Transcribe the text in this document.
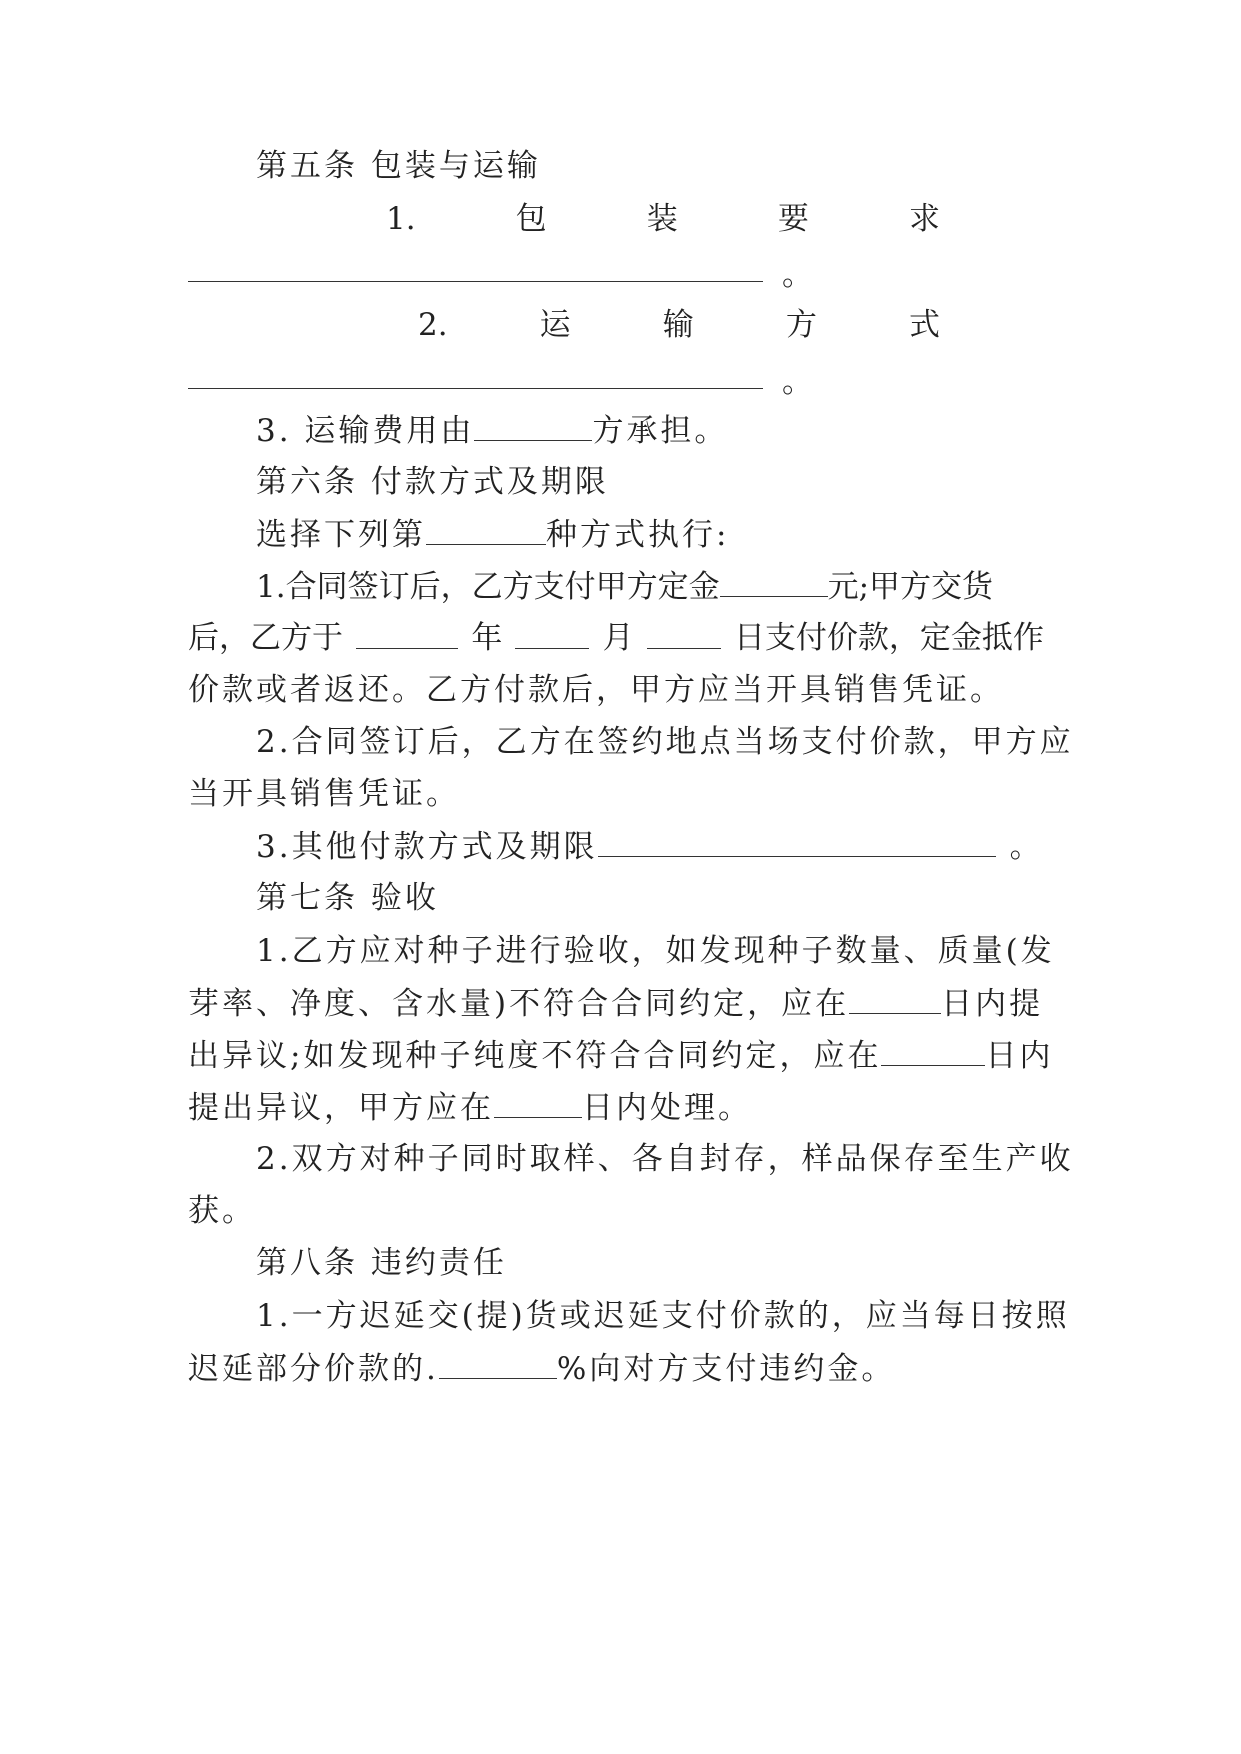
第五条 包装与运输
1.	包	装	要	求
。
2.	运	输	方	式
。
3. 运输费用由	方承担。
第六条 付款方式及期限
选择下列第	种方式执行:
1.合同签订后，乙方支付甲方定金	元;甲方交货
后，乙方于	年	月	日支付价款，定金抵作
价款或者返还。乙方付款后，甲方应当开具销售凭证。
2.合同签订后，乙方在签约地点当场支付价款，甲方应
当开具销售凭证。
3.其他付款方式及期限	。
第七条 验收
1.乙方应对种子进行验收，如发现种子数量、质量(发
芽率、净度、含水量)不符合合同约定，应在	日内提
出异议;如发现种子纯度不符合合同约定，应在	日内
提出异议，甲方应在	日内处理。
2.双方对种子同时取样、各自封存，样品保存至生产收
获。
第八条 违约责任
1.一方迟延交(提)货或迟延支付价款的，应当每日按照
迟延部分价款的.	%向对方支付违约金。
